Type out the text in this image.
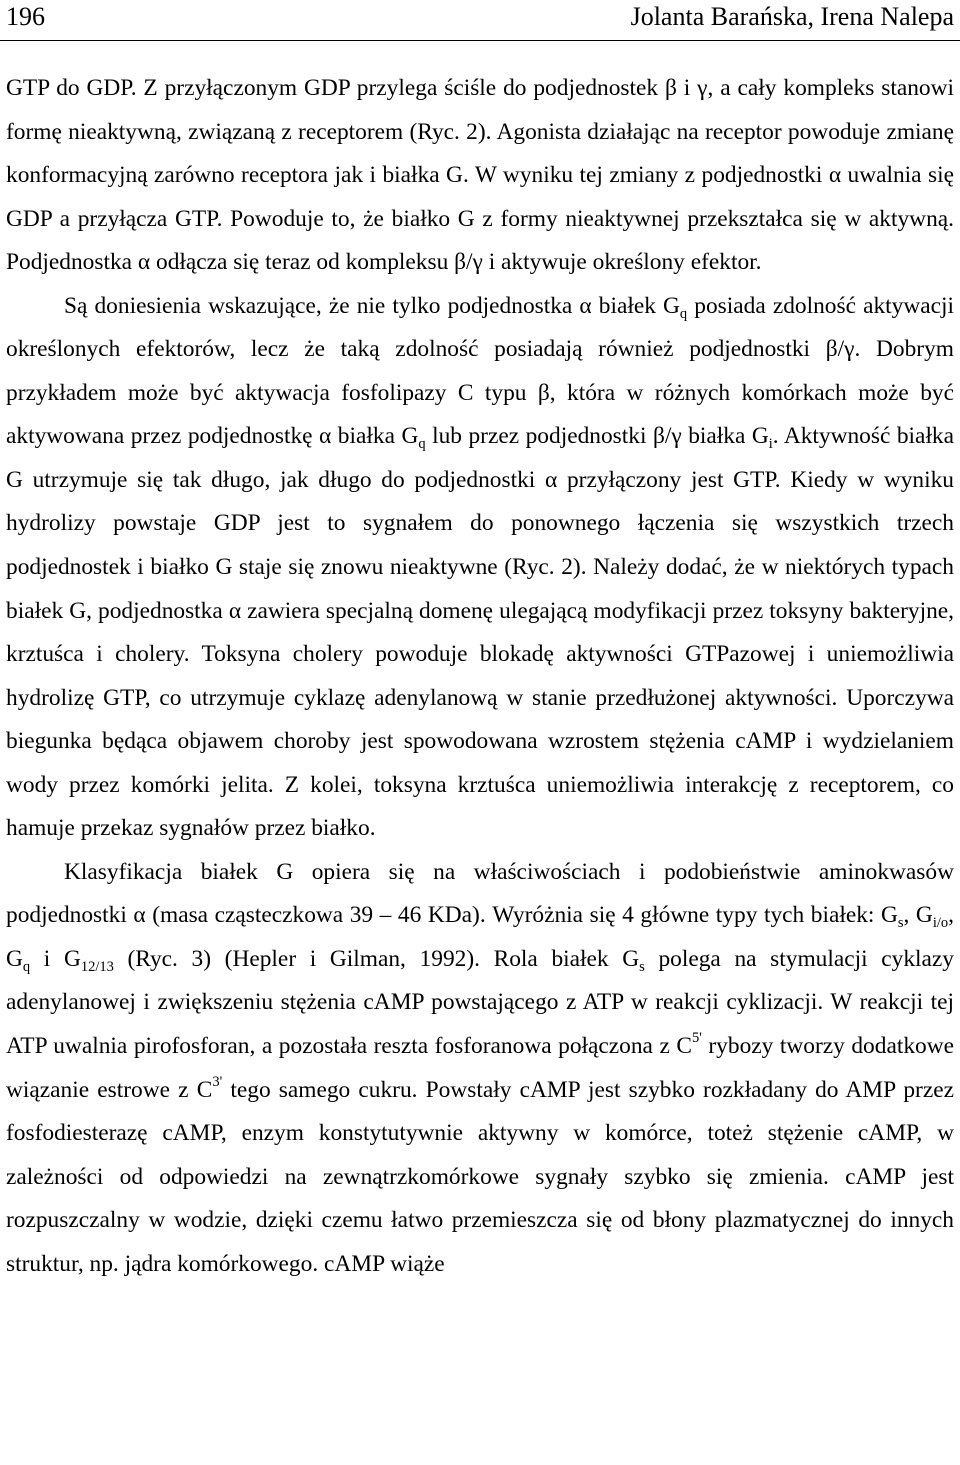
196	Jolanta Barańska, Irena Nalepa

GTP do GDP. Z przyłączonym GDP przylega ściśle do podjednostek β i γ, a cały kompleks stanowi formę nieaktywną, związaną z receptorem (Ryc. 2). Agonista działając na receptor powoduje zmianę konformacyjną zarówno receptora jak i białka G. W wyniku tej zmiany z podjednostki α uwalnia się GDP a przyłącza GTP. Powoduje to, że białko G z formy nieaktywnej przekształca się w aktywną. Podjednostka α odłącza się teraz od kompleksu β/γ i aktywuje określony efektor.

Są doniesienia wskazujące, że nie tylko podjednostka α białek $G_q$ posiada zdolność aktywacji określonych efektorów, lecz że taką zdolność posiadają również podjednostki β/γ. Dobrym przykładem może być aktywacja fosfolipazy C typu β, która w różnych komórkach może być aktywowana przez podjednostkę α białka $G_q$ lub przez podjednostki β/γ białka $G_i$. Aktywność białka G utrzymuje się tak długo, jak długo do podjednostki α przyłączony jest GTP. Kiedy w wyniku hydrolizy powstaje GDP jest to sygnałem do ponownego łączenia się wszystkich trzech podjednostek i białko G staje się znowu nieaktywne (Ryc. 2). Należy dodać, że w niektórych typach białek G, podjednostka α zawiera specjalną domenę ulegającą modyfikacji przez toksyny bakteryjne, krztuśca i cholery. Toksyna cholery powoduje blokadę aktywności GTPazowej i uniemożliwia hydrolizę GTP, co utrzymuje cyklazę adenylanową w stanie przedłużonej aktywności. Uporczywa biegunka będąca objawem choroby jest spowodowana wzrostem stężenia cAMP i wydzielaniem wody przez komórki jelita. Z kolei, toksyna krztuśca uniemożliwia interakcję z receptorem, co hamuje przekaz sygnałów przez białko.

Klasyfikacja białek G opiera się na właściwościach i podobieństwie aminokwasów podjednostki α (masa cząsteczkowa 39 – 46 KDa). Wyróżnia się 4 główne typy tych białek: $G_s$, $G_{i/o}$, $G_q$ i $G_{12/13}$ (Ryc. 3) (Hepler i Gilman, 1992). Rola białek $G_s$ polega na stymulacji cyklazy adenylanowej i zwiększeniu stężenia cAMP powstającego z ATP w reakcji cyklizacji. W reakcji tej ATP uwalnia pirofosforan, a pozostała reszta fosforanowa połączona z $C^{5'}$ rybozy tworzy dodatkowe wiązanie estrowe z $C^{3'}$ tego samego cukru. Powstały cAMP jest szybko rozkładany do AMP przez fosfodiesterazę cAMP, enzym konstytutywnie aktywny w komórce, toteż stężenie cAMP, w zależności od odpowiedzi na zewnątrzkomórkowe sygnały szybko się zmienia. cAMP jest rozpuszczalny w wodzie, dzięki czemu łatwo przemieszcza się od błony plazmatycznej do innych struktur, np. jądra komórkowego. cAMP wiąże
